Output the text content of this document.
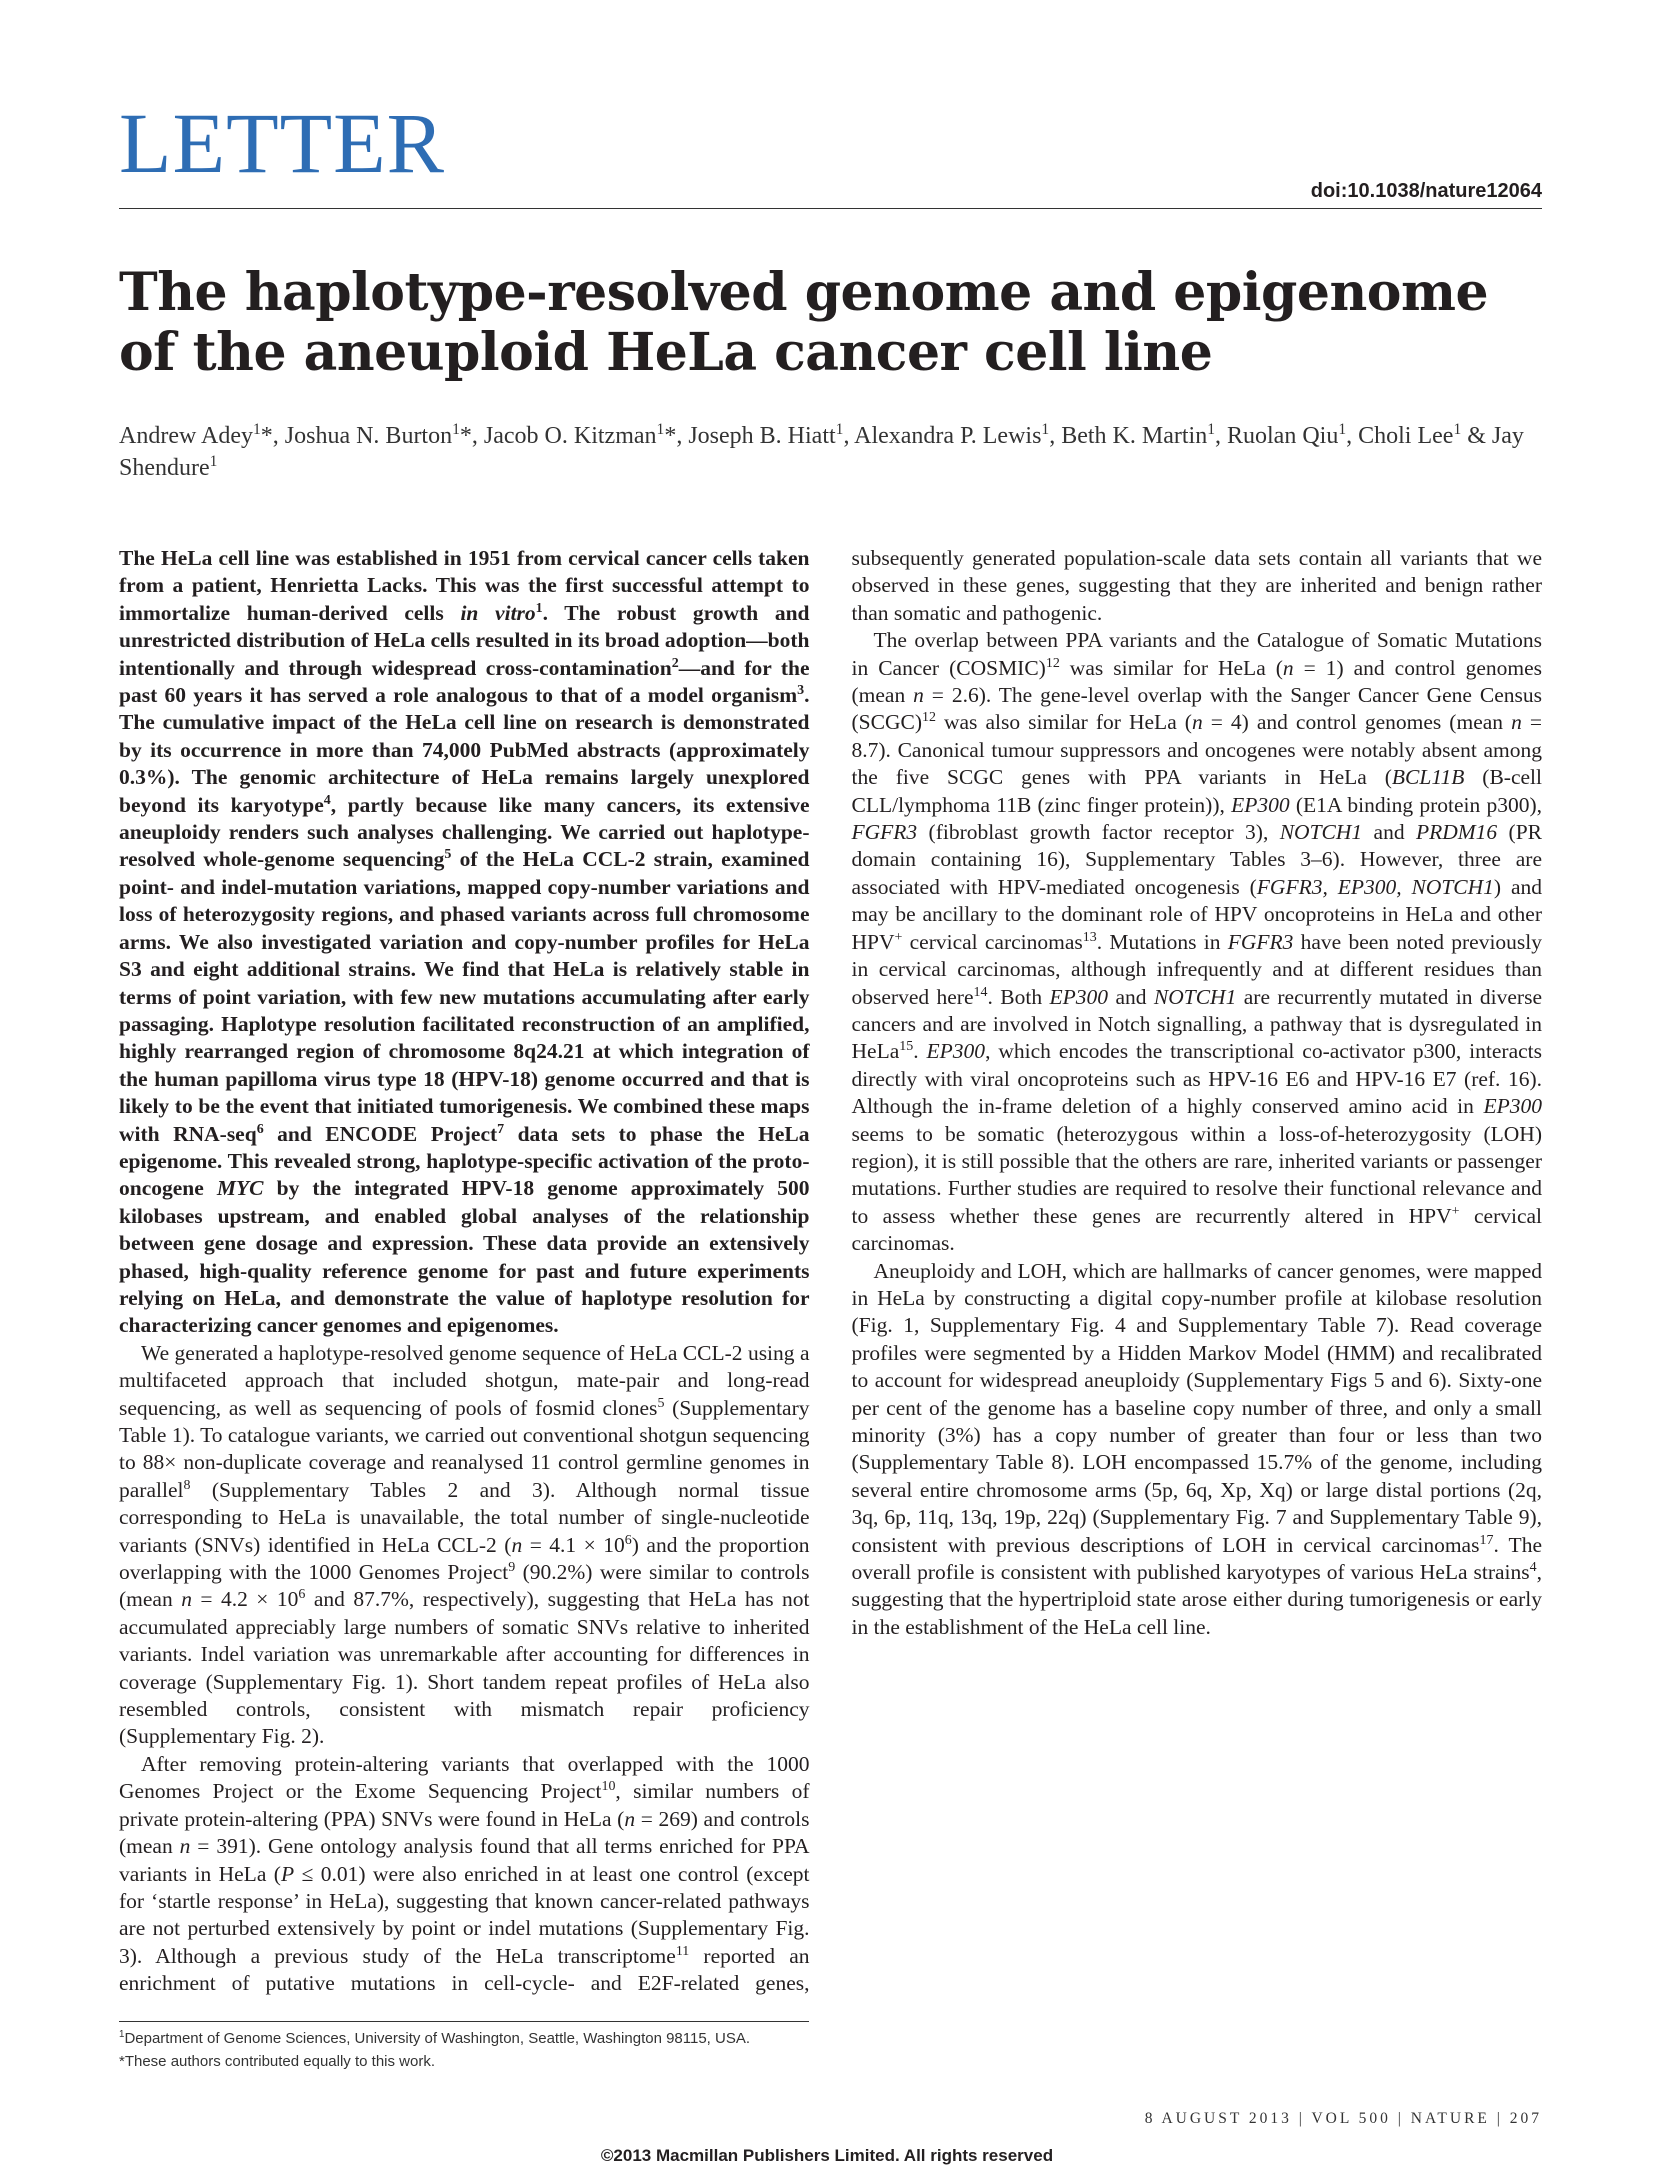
LETTER	doi:10.1038/nature12064
The haplotype-resolved genome and epigenome of the aneuploid HeLa cancer cell line

Andrew Adey$^1$*, Joshua N. Burton$^1$*, Jacob O. Kitzman$^1$*, Joseph B. Hiatt$^1$, Alexandra P. Lewis$^1$, Beth K. Martin$^1$, Ruolan Qiu$^1$, Choli Lee$^1$ & Jay Shendure$^1$

The HeLa cell line was established in 1951 from cervical cancer cells taken from a patient, Henrietta Lacks. This was the first successful attempt to immortalize human-derived cells in vitro$^1$. The robust growth and unrestricted distribution of HeLa cells resulted in its broad adoption—both intentionally and through widespread cross-contamination$^2$—and for the past 60 years it has served a role analogous to that of a model organism$^3$. The cumulative impact of the HeLa cell line on research is demonstrated by its occurrence in more than 74,000 PubMed abstracts (approximately 0.3%). The genomic architecture of HeLa remains largely unexplored beyond its karyotype$^4$, partly because like many cancers, its extensive aneuploidy renders such analyses challenging. We carried out haplotype-resolved whole-genome sequencing$^5$ of the HeLa CCL-2 strain, examined point- and indel-mutation variations, mapped copy-number variations and loss of heterozygosity regions, and phased variants across full chromosome arms. We also investigated variation and copy-number profiles for HeLa S3 and eight additional strains. We find that HeLa is relatively stable in terms of point variation, with few new mutations accumulating after early passaging. Haplotype resolution facilitated reconstruction of an amplified, highly rearranged region of chromosome 8q24.21 at which integration of the human papilloma virus type 18 (HPV-18) genome occurred and that is likely to be the event that initiated tumorigenesis. We combined these maps with RNA-seq$^6$ and ENCODE Project$^7$ data sets to phase the HeLa epigenome. This revealed strong, haplotype-specific activation of the proto-oncogene MYC by the integrated HPV-18 genome approximately 500 kilobases upstream, and enabled global analyses of the relationship between gene dosage and expression. These data provide an extensively phased, high-quality reference genome for past and future experiments relying on HeLa, and demonstrate the value of haplotype resolution for characterizing cancer genomes and epigenomes.

We generated a haplotype-resolved genome sequence of HeLa CCL-2 using a multifaceted approach that included shotgun, mate-pair and long-read sequencing, as well as sequencing of pools of fosmid clones$^5$ (Supplementary Table 1). To catalogue variants, we carried out conventional shotgun sequencing to 88× non-duplicate coverage and reanalysed 11 control germline genomes in parallel$^8$ (Supplementary Tables 2 and 3). Although normal tissue corresponding to HeLa is unavailable, the total number of single-nucleotide variants (SNVs) identified in HeLa CCL-2 $(n = 4.1 \times 10^6)$ and the proportion overlapping with the 1000 Genomes Project$^9$ (90.2%) were similar to controls (mean $n = 4.2 \times 10^6$ and 87.7%, respectively), suggesting that HeLa has not accumulated appreciably large numbers of somatic SNVs relative to inherited variants. Indel variation was unremarkable after accounting for differences in coverage (Supplementary Fig. 1). Short tandem repeat profiles of HeLa also resembled controls, consistent with mismatch repair proficiency (Supplementary Fig. 2).

After removing protein-altering variants that overlapped with the 1000 Genomes Project or the Exome Sequencing Project$^{10}$, similar numbers of private protein-altering (PPA) SNVs were found in HeLa (n = 269) and controls (mean n = 391). Gene ontology analysis found that all terms enriched for PPA variants in HeLa (P ≤ 0.01) were also enriched in at least one control (except for ‘startle response’ in HeLa), suggesting that known cancer-related pathways are not perturbed extensively by point or indel mutations (Supplementary Fig. 3). Although a previous study of the HeLa transcriptome$^{11}$ reported an enrichment of putative mutations in cell-cycle- and E2F-related genes, subsequently generated population-scale data sets contain all variants that we observed in these genes, suggesting that they are inherited and benign rather than somatic and pathogenic.

The overlap between PPA variants and the Catalogue of Somatic Mutations in Cancer (COSMIC)$^{12}$ was similar for HeLa (n = 1) and control genomes (mean n = 2.6). The gene-level overlap with the Sanger Cancer Gene Census (SCGC)$^{12}$ was also similar for HeLa (n = 4) and control genomes (mean n = 8.7). Canonical tumour suppressors and oncogenes were notably absent among the five SCGC genes with PPA variants in HeLa (BCL11B (B-cell CLL/lymphoma 11B (zinc finger protein)), EP300 (E1A binding protein p300), FGFR3 (fibroblast growth factor receptor 3), NOTCH1 and PRDM16 (PR domain containing 16), Supplementary Tables 3–6). However, three are associated with HPV-mediated oncogenesis (FGFR3, EP300, NOTCH1) and may be ancillary to the dominant role of HPV oncoproteins in HeLa and other HPV+ cervical carcinomas$^{13}$. Mutations in FGFR3 have been noted previously in cervical carcinomas, although infrequently and at different residues than observed here$^{14}$. Both EP300 and NOTCH1 are recurrently mutated in diverse cancers and are involved in Notch signalling, a pathway that is dysregulated in HeLa$^{15}$. EP300, which encodes the transcriptional co-activator p300, interacts directly with viral oncoproteins such as HPV-16 E6 and HPV-16 E7 (ref. 16). Although the in-frame deletion of a highly conserved amino acid in EP300 seems to be somatic (heterozygous within a loss-of-heterozygosity (LOH) region), it is still possible that the others are rare, inherited variants or passenger mutations. Further studies are required to resolve their functional relevance and to assess whether these genes are recurrently altered in HPV+ cervical carcinomas.

Aneuploidy and LOH, which are hallmarks of cancer genomes, were mapped in HeLa by constructing a digital copy-number profile at kilobase resolution (Fig. 1, Supplementary Fig. 4 and Supplementary Table 7). Read coverage profiles were segmented by a Hidden Markov Model (HMM) and recalibrated to account for widespread aneuploidy (Supplementary Figs 5 and 6). Sixty-one per cent of the genome has a baseline copy number of three, and only a small minority (3%) has a copy number of greater than four or less than two (Supplementary Table 8). LOH encompassed 15.7% of the genome, including several entire chromosome arms (5p, 6q, Xp, Xq) or large distal portions (2q, 3q, 6p, 11q, 13q, 19p, 22q) (Supplementary Fig. 7 and Supplementary Table 9), consistent with previous descriptions of LOH in cervical carcinomas$^{17}$. The overall profile is consistent with published karyotypes of various HeLa strains$^4$, suggesting that the hypertriploid state arose either during tumorigenesis or early in the establishment of the HeLa cell line.

$^1$Department of Genome Sciences, University of Washington, Seattle, Washington 98115, USA.
*These authors contributed equally to this work.
8 AUGUST 2013 | VOL 500 | NATURE | 207
©2013 Macmillan Publishers Limited. All rights reserved
